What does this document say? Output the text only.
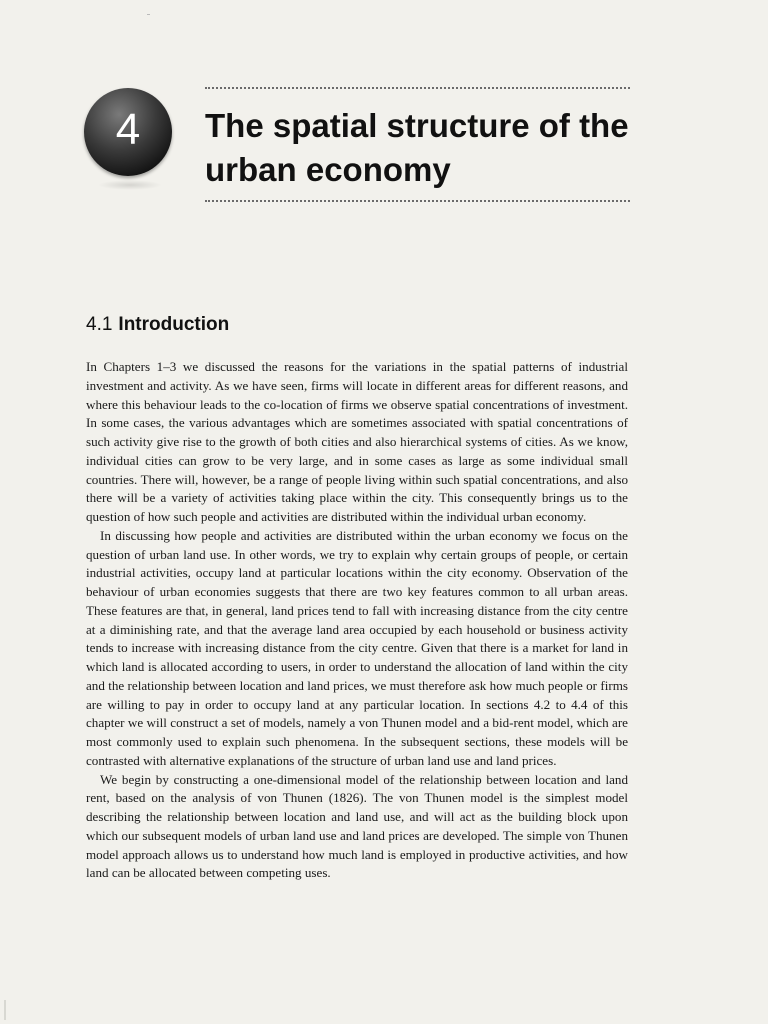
4	The spatial structure of the urban economy
4.1 Introduction

In Chapters 1–3 we discussed the reasons for the variations in the spatial patterns of industrial investment and activity. As we have seen, firms will locate in different areas for different reasons, and where this behaviour leads to the co-location of firms we observe spatial concentrations of investment. In some cases, the various advantages which are sometimes associated with spatial concentrations of such activity give rise to the growth of both cities and also hierarchical systems of cities. As we know, individual cities can grow to be very large, and in some cases as large as some individual small countries. There will, however, be a range of people living within such spatial concentrations, and also there will be a variety of activities taking place within the city. This consequently brings us to the question of how such people and activities are distributed within the individual urban economy.

In discussing how people and activities are distributed within the urban economy we focus on the question of urban land use. In other words, we try to explain why certain groups of people, or certain industrial activities, occupy land at particular locations within the city economy. Observation of the behaviour of urban economies suggests that there are two key features common to all urban areas. These features are that, in general, land prices tend to fall with increasing distance from the city centre at a diminishing rate, and that the average land area occupied by each household or business activity tends to increase with increasing distance from the city centre. Given that there is a market for land in which land is allocated according to users, in order to understand the allocation of land within the city and the relationship between location and land prices, we must therefore ask how much people or firms are willing to pay in order to occupy land at any particular location. In sections 4.2 to 4.4 of this chapter we will construct a set of models, namely a von Thunen model and a bid-rent model, which are most commonly used to explain such phenomena. In the subsequent sections, these models will be contrasted with alternative explanations of the structure of urban land use and land prices.

We begin by constructing a one-dimensional model of the relationship between location and land rent, based on the analysis of von Thunen (1826). The von Thunen model is the simplest model describing the relationship between location and land use, and will act as the building block upon which our subsequent models of urban land use and land prices are developed. The simple von Thunen model approach allows us to understand how much land is employed in productive activities, and how land can be allocated between competing uses.
